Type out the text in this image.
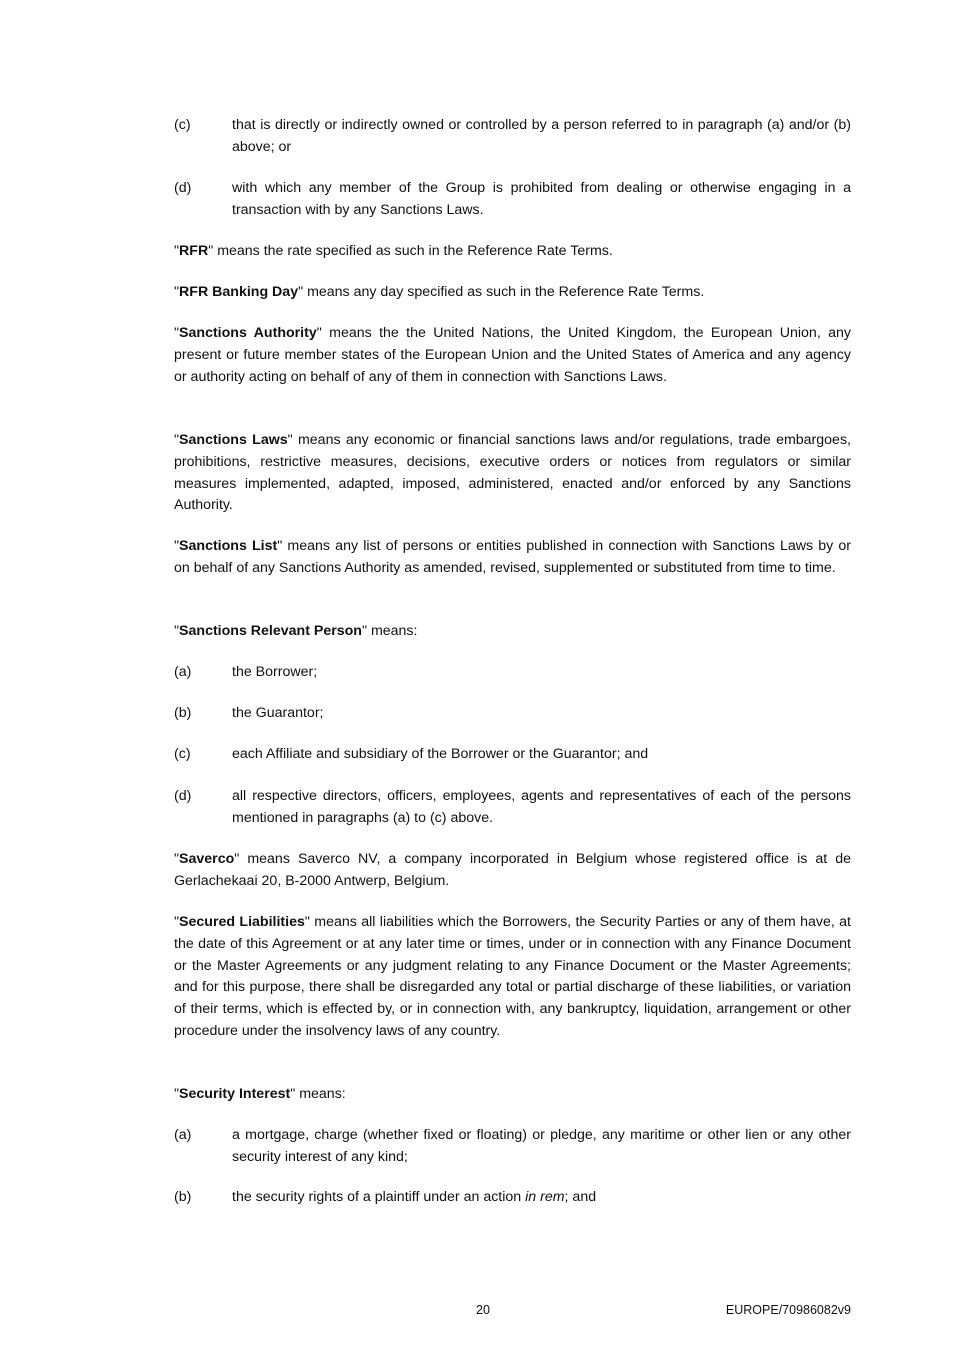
(c)	that is directly or indirectly owned or controlled by a person referred to in paragraph (a) and/or (b) above; or
(d)	with which any member of the Group is prohibited from dealing or otherwise engaging in a transaction with by any Sanctions Laws.
"RFR" means the rate specified as such in the Reference Rate Terms.
"RFR Banking Day" means any day specified as such in the Reference Rate Terms.
"Sanctions Authority" means the the United Nations, the United Kingdom, the European Union, any present or future member states of the European Union and the United States of America and any agency or authority acting on behalf of any of them in connection with Sanctions Laws.
"Sanctions Laws" means any economic or financial sanctions laws and/or regulations, trade embargoes, prohibitions, restrictive measures, decisions, executive orders or notices from regulators or similar measures implemented, adapted, imposed, administered, enacted and/or enforced by any Sanctions Authority.
"Sanctions List" means any list of persons or entities published in connection with Sanctions Laws by or on behalf of any Sanctions Authority as amended, revised, supplemented or substituted from time to time.
"Sanctions Relevant Person" means:
(a)	the Borrower;
(b)	the Guarantor;
(c)	each Affiliate and subsidiary of the Borrower or the Guarantor; and
(d)	all respective directors, officers, employees, agents and representatives of each of the persons mentioned in paragraphs (a) to (c) above.
"Saverco" means Saverco NV, a company incorporated in Belgium whose registered office is at de Gerlachekaai 20, B-2000 Antwerp, Belgium.
"Secured Liabilities" means all liabilities which the Borrowers, the Security Parties or any of them have, at the date of this Agreement or at any later time or times, under or in connection with any Finance Document or the Master Agreements or any judgment relating to any Finance Document or the Master Agreements; and for this purpose, there shall be disregarded any total or partial discharge of these liabilities, or variation of their terms, which is effected by, or in connection with, any bankruptcy, liquidation, arrangement or other procedure under the insolvency laws of any country.
"Security Interest" means:
(a)	a mortgage, charge (whether fixed or floating) or pledge, any maritime or other lien or any other security interest of any kind;
(b)	the security rights of a plaintiff under an action in rem; and
20	EUROPE/70986082v9
